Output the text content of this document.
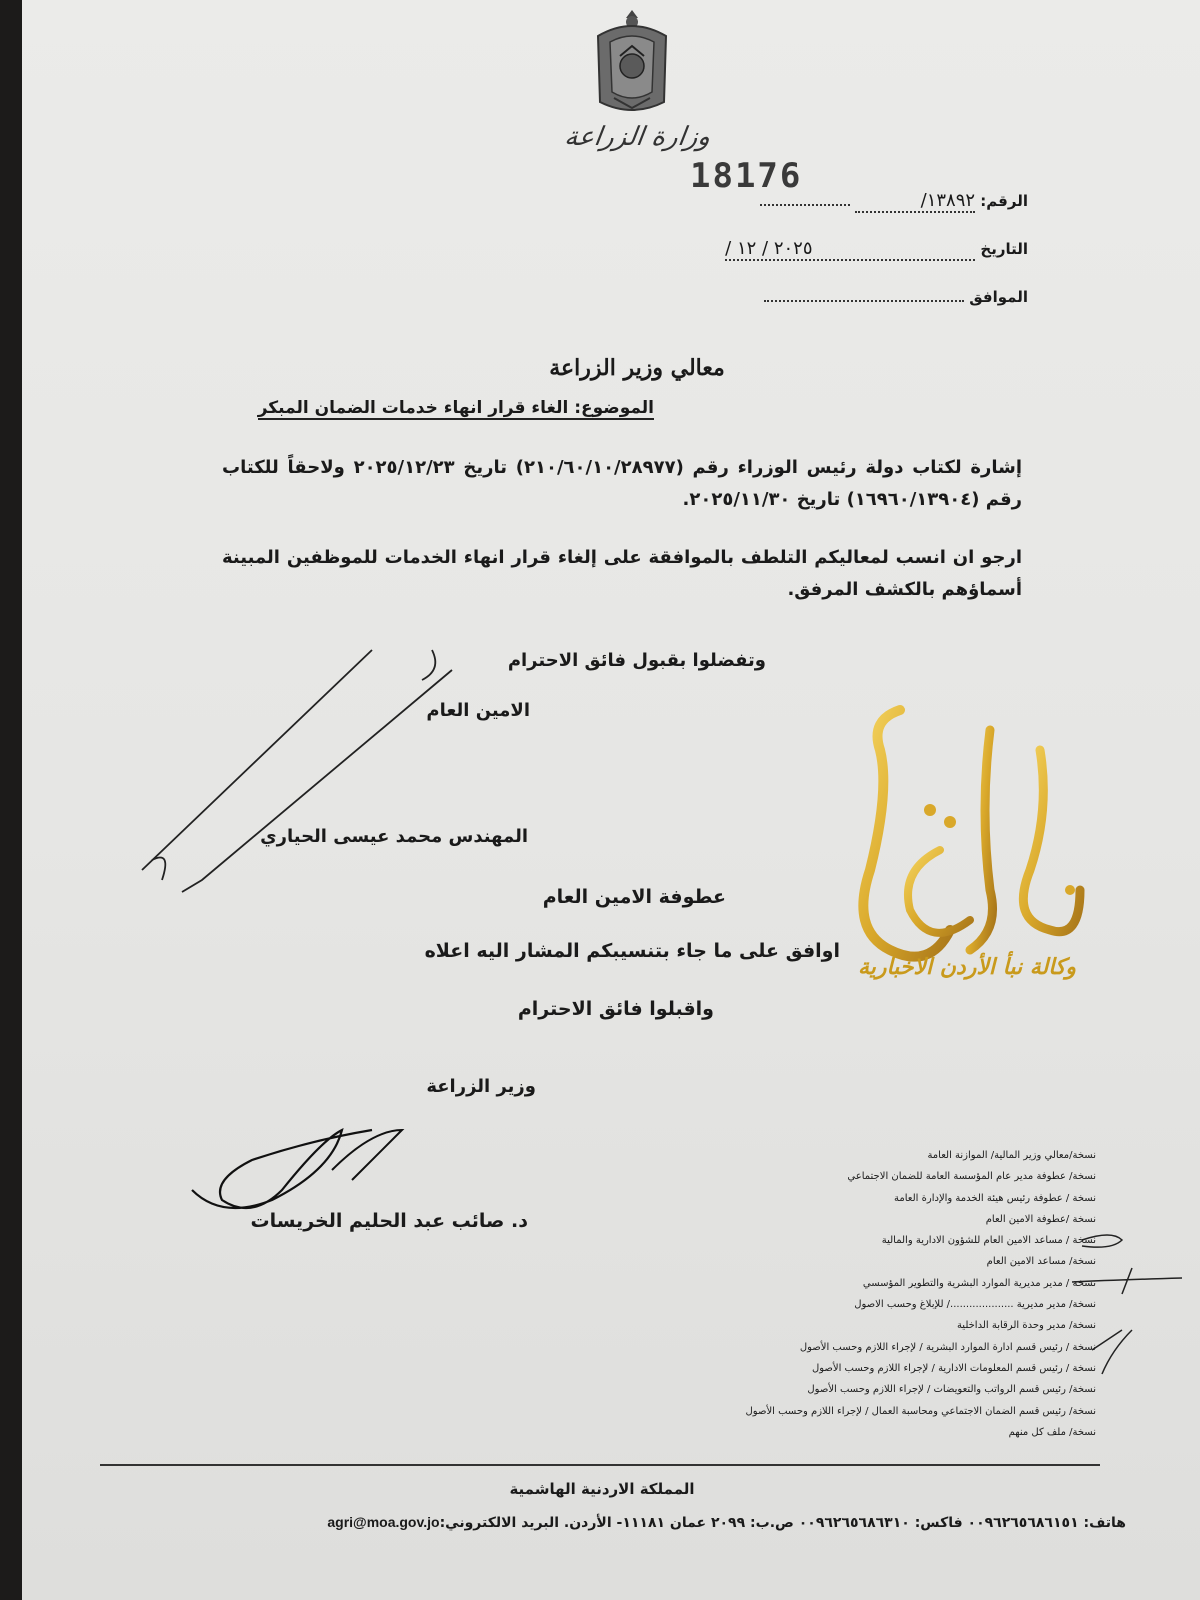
وزارة الزراعة
18176
الرقم: ١٣٨٩٢/
التاريخ ٢٠٢٥ / ١٢ /
الموافق
معالي وزير الزراعة
الموضوع: الغاء قرار انهاء خدمات الضمان المبكر
إشارة لكتاب دولة رئيس الوزراء رقم (٢١٠/٦٠/١٠/٢٨٩٧٧) تاريخ ٢٠٢٥/١٢/٢٣ ولاحقاً للكتاب رقم (١٦٩٦٠/١٣٩٠٤) تاريخ ٢٠٢٥/١١/٣٠.
ارجو ان انسب لمعاليكم التلطف بالموافقة على إلغاء قرار انهاء الخدمات للموظفين المبينة أسماؤهم بالكشف المرفق.
وتفضلوا بقبول فائق الاحترام
الامين العام
المهندس محمد عيسى الحياري
عطوفة الامين العام
اوافق على ما جاء بتنسيبكم المشار اليه اعلاه
واقبلوا فائق الاحترام
وزير الزراعة
د. صائب عبد الحليم الخريسات
نسخة/معالي وزير المالية/ الموازنة العامة
نسخة/ عطوفة مدير عام المؤسسة العامة للضمان الاجتماعي
نسخة / عطوفة رئيس هيئة الخدمة والإدارة العامة
نسخة /عطوفة الامين العام
نسخة / مساعد الامين العام للشؤون الادارية والمالية
نسخة/ مساعد الامين العام
نسخة / مدير مديرية الموارد البشرية والتطوير المؤسسي
نسخة/ مدير مديرية ..................../ للإبلاغ وحسب الاصول
نسخة/ مدير وحدة الرقابة الداخلية
نسخة / رئيس قسم ادارة الموارد البشرية / لإجراء اللازم وحسب الأصول
نسخة / رئيس قسم المعلومات الادارية / لإجراء اللازم وحسب الأصول
نسخة/ رئيس قسم الرواتب والتعويضات / لإجراء اللازم وحسب الأصول
نسخة/ رئيس قسم الضمان الاجتماعي ومحاسبة العمال / لإجراء اللازم وحسب الأصول
نسخة/ ملف كل منهم
وكالة نبأ الأردن الاخبارية
المملكة الاردنية الهاشمية
هاتف: ٠٠٩٦٢٦٥٦٨٦١٥١ فاكس: ٠٠٩٦٢٦٥٦٨٦٣١٠ ص.ب: ٢٠٩٩ عمان ١١١٨١- الأردن. البريد الالكتروني:agri@moa.gov.jo
